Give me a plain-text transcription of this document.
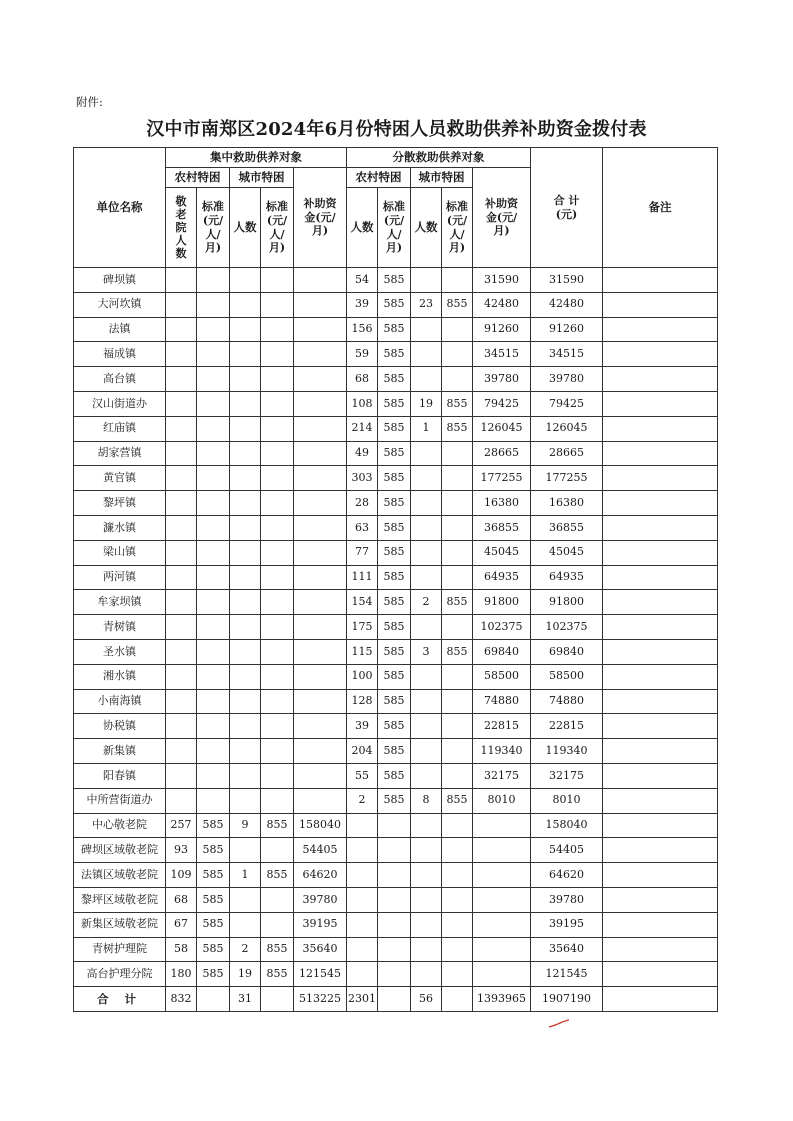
附件:
汉中市南郑区2024年6月份特困人员救助供养补助资金拨付表
单位名称	集中救助供养对象					分散救助供养对象					合 计(元)	备注
	农村特困		城市特困		补助资金(元/月)	农村特困		城市特困		补助资金(元/月)		
	敬老院人数	标准(元/人/月)	人数	标准(元/人/月)		人数	标准(元/人/月)	人数	标准(元/人/月)			
碑坝镇						54	585			31590	31590	
大河坎镇						39	585	23	855	42480	42480	
法镇						156	585			91260	91260	
福成镇						59	585			34515	34515	
高台镇						68	585			39780	39780	
汉山街道办						108	585	19	855	79425	79425	
红庙镇						214	585	1	855	126045	126045	
胡家营镇						49	585			28665	28665	
黄官镇						303	585			177255	177255	
黎坪镇						28	585			16380	16380	
濂水镇						63	585			36855	36855	
梁山镇						77	585			45045	45045	
两河镇						111	585			64935	64935	
牟家坝镇						154	585	2	855	91800	91800	
青树镇						175	585			102375	102375	
圣水镇						115	585	3	855	69840	69840	
湘水镇						100	585			58500	58500	
小南海镇						128	585			74880	74880	
协税镇						39	585			22815	22815	
新集镇						204	585			119340	119340	
阳春镇						55	585			32175	32175	
中所营街道办						2	585	8	855	8010	8010	
中心敬老院	257	585	9	855	158040						158040	
碑坝区域敬老院	93	585			54405						54405	
法镇区域敬老院	109	585	1	855	64620						64620	
黎坪区域敬老院	68	585			39780						39780	
新集区域敬老院	67	585			39195						39195	
青树护理院	58	585	2	855	35640						35640	
高台护理分院	180	585	19	855	121545						121545	
合 计	832		31		513225	2301		56		1393965	1907190	
